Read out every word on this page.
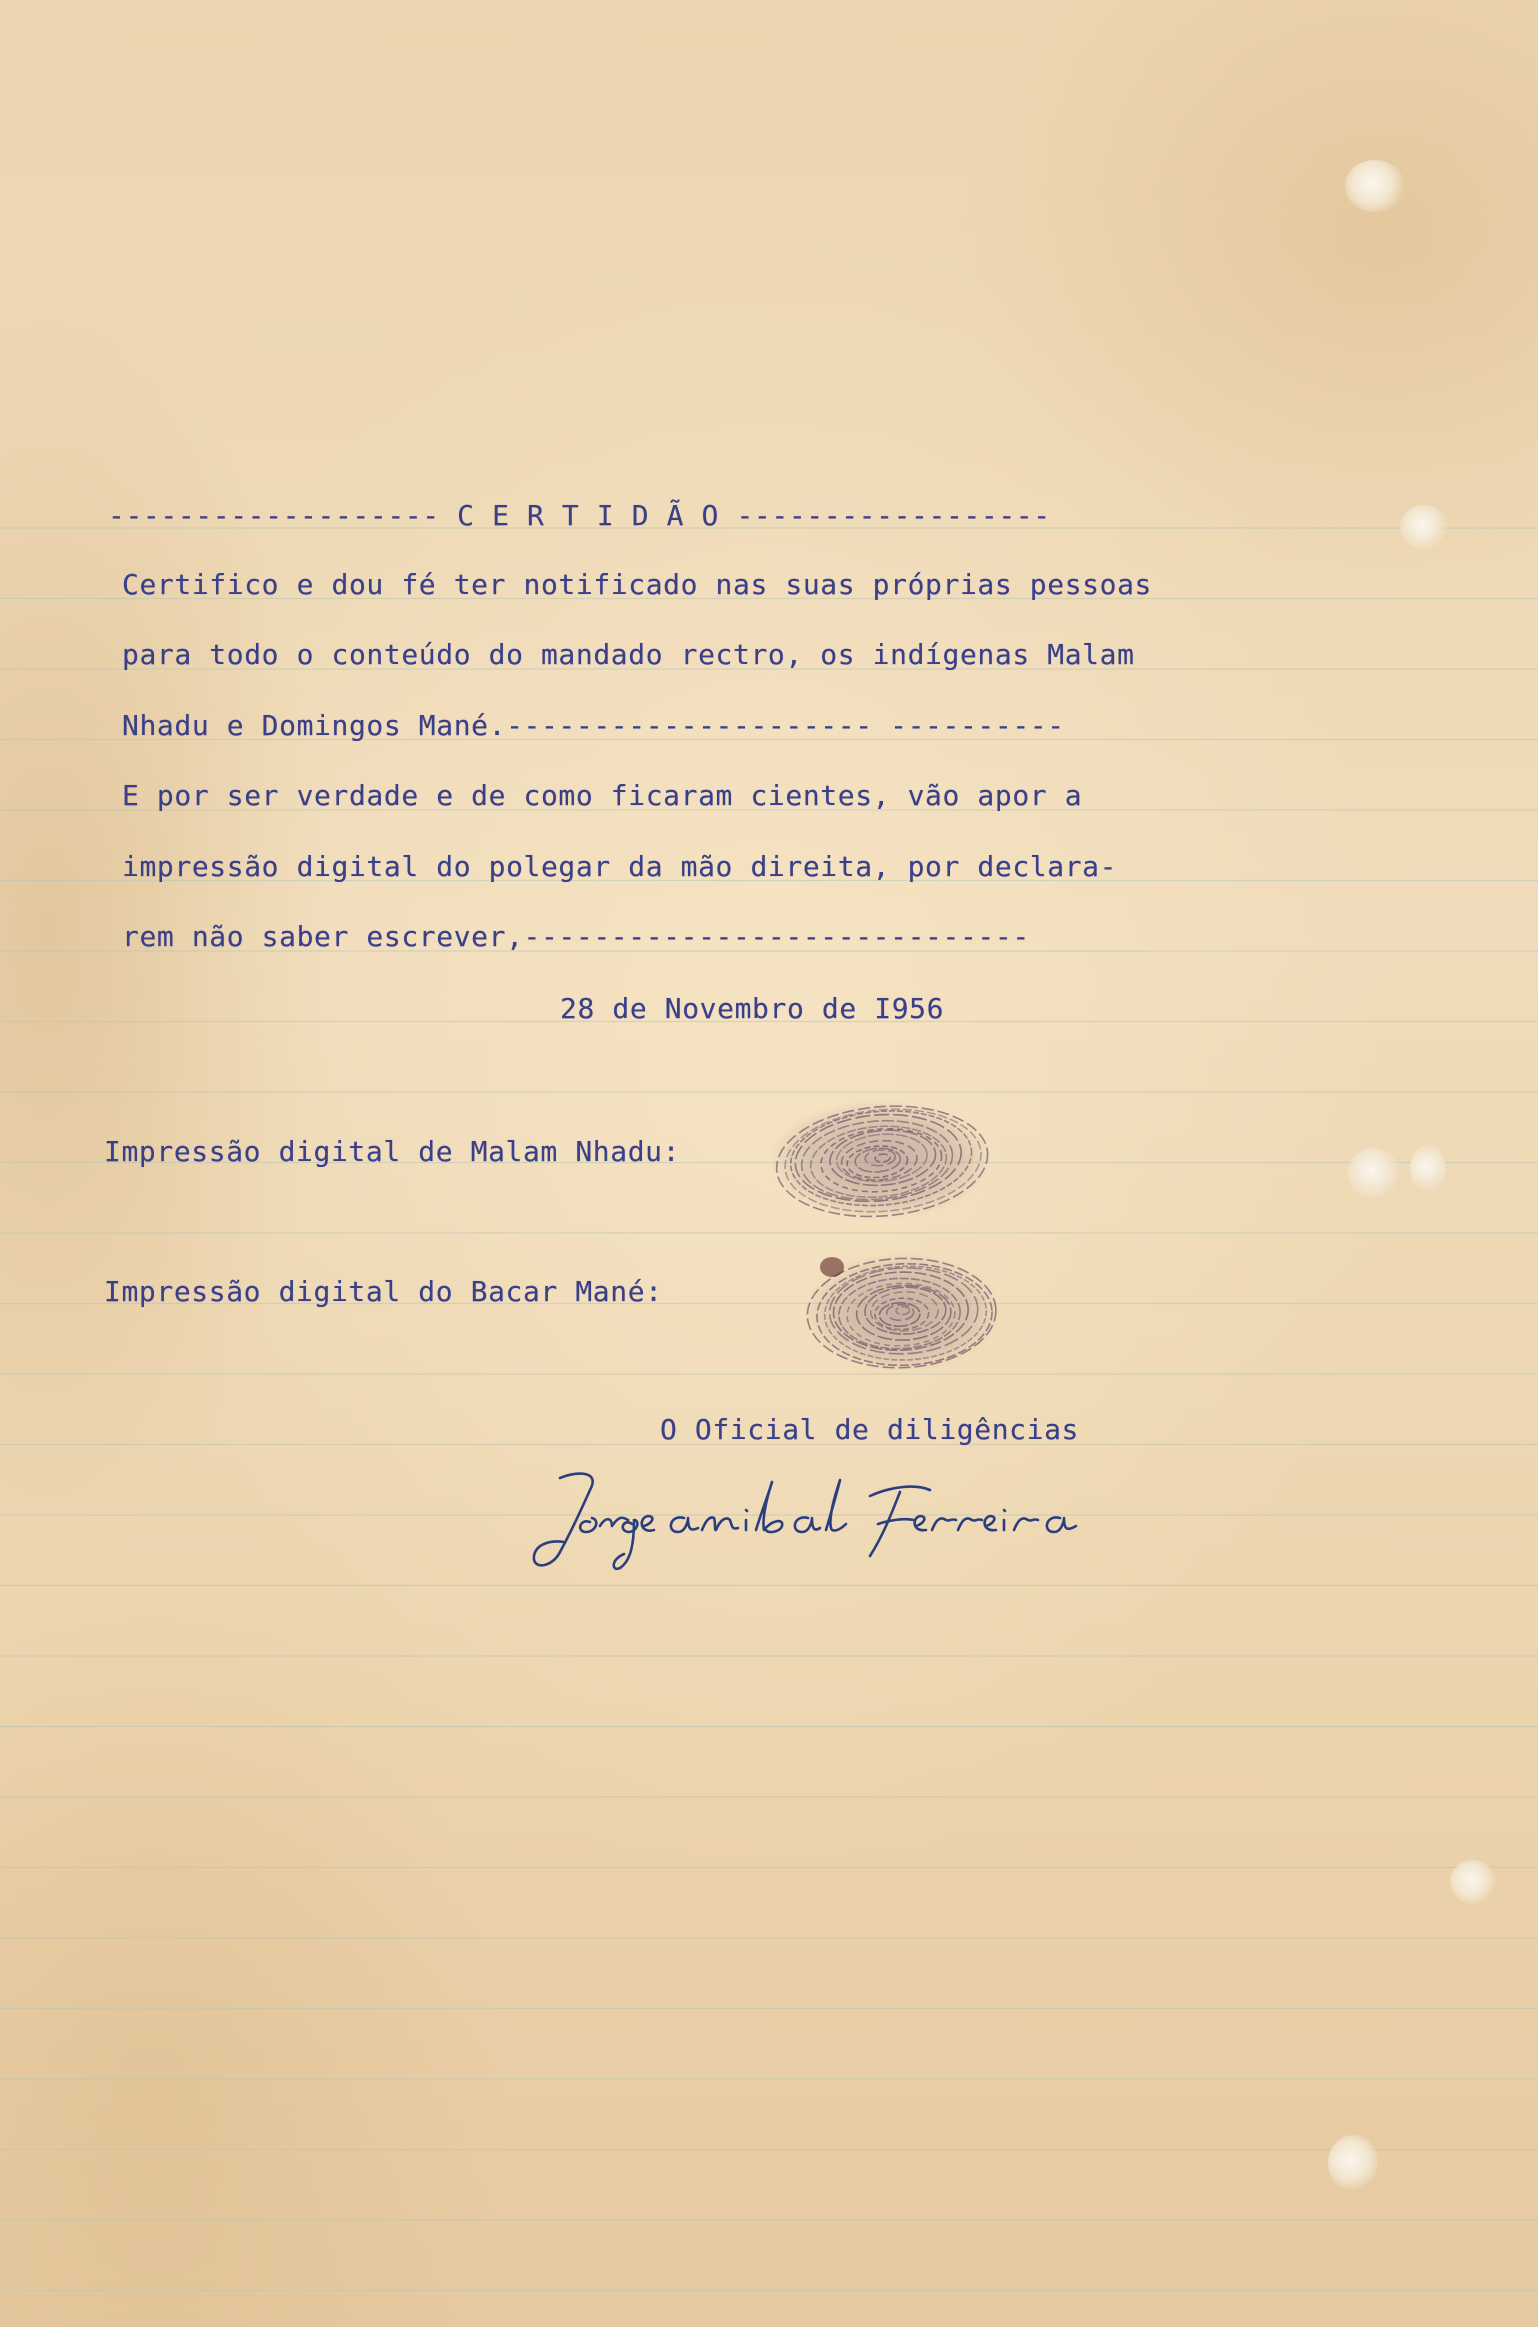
------------------- C E R T I D Ã O ------------------
Certifico e dou fé ter notificado nas suas próprias pessoas
para todo o conteúdo do mandado rectro, os indígenas Malam
Nhadu e Domingos Mané.--------------------- ----------
E por ser verdade e de como ficaram cientes, vão apor a
impressão digital do polegar da mão direita, por declara-
rem não saber escrever,-----------------------------
28 de Novembro de I956
Impressão digital de Malam Nhadu:
Impressão digital do Bacar Mané:
O Oficial de diligências
